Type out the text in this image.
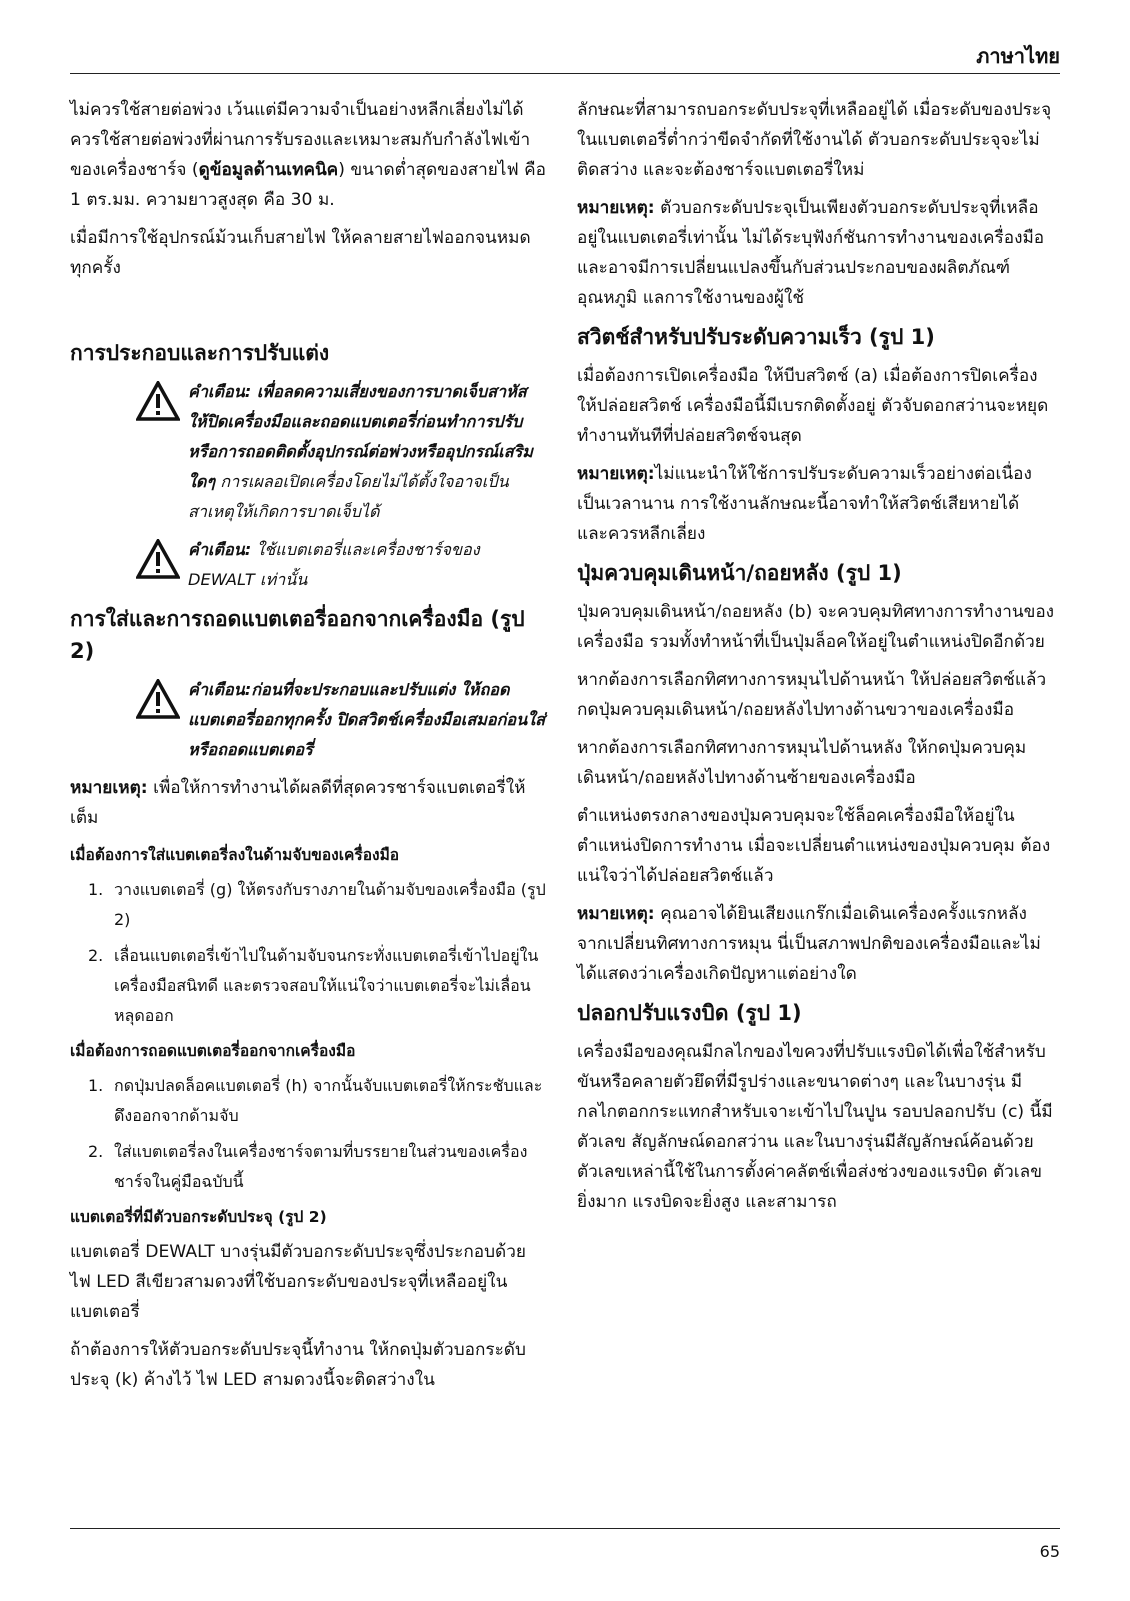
ภาษาไทย

ไม่ควรใช้สายต่อพ่วง เว้นแต่มีความจำเป็นอย่างหลีกเลี่ยงไม่ได้ ควรใช้สายต่อพ่วงที่ผ่านการรับรองและเหมาะสมกับกำลังไฟเข้าของเครื่องชาร์จ (ดูข้อมูลด้านเทคนิค) ขนาดต่ำสุดของสายไฟ คือ 1 ตร.มม. ความยาวสูงสุด คือ 30 ม.

เมื่อมีการใช้อุปกรณ์ม้วนเก็บสายไฟ ให้คลายสายไฟออกจนหมดทุกครั้ง

การประกอบและการปรับแต่ง
คำเตือน: เพื่อลดความเสี่ยงของการบาดเจ็บสาหัส ให้ปิดเครื่องมือและถอดแบตเตอรี่ก่อนทำการปรับหรือการถอดติดตั้งอุปกรณ์ต่อพ่วงหรืออุปกรณ์เสริมใดๆ การเผลอเปิดเครื่องโดยไม่ได้ตั้งใจอาจเป็นสาเหตุให้เกิดการบาดเจ็บได้
คำเตือน: ใช้แบตเตอรี่และเครื่องชาร์จของ DEWALT เท่านั้น
การใส่และการถอดแบตเตอรี่ออกจากเครื่องมือ (รูป 2)
คำเตือน:ก่อนที่จะประกอบและปรับแต่ง ให้ถอดแบตเตอรี่ออกทุกครั้ง ปิดสวิตช์เครื่องมือเสมอก่อนใส่หรือถอดแบตเตอรี่

หมายเหตุ: เพื่อให้การทำงานได้ผลดีที่สุดควรชาร์จแบตเตอรี่ให้เต็ม

เมื่อต้องการใส่แบตเตอรี่ลงในด้ามจับของเครื่องมือ
1. วางแบตเตอรี่ (g) ให้ตรงกับรางภายในด้ามจับของเครื่องมือ (รูป 2)
2. เลื่อนแบตเตอรี่เข้าไปในด้ามจับจนกระทั่งแบตเตอรี่เข้าไปอยู่ในเครื่องมือสนิทดี และตรวจสอบให้แน่ใจว่าแบตเตอรี่จะไม่เลื่อนหลุดออก
เมื่อต้องการถอดแบตเตอรี่ออกจากเครื่องมือ
1. กดปุ่มปลดล็อคแบตเตอรี่ (h) จากนั้นจับแบตเตอรี่ให้กระชับและดึงออกจากด้ามจับ
2. ใส่แบตเตอรี่ลงในเครื่องชาร์จตามที่บรรยายในส่วนของเครื่องชาร์จในคู่มือฉบับนี้
แบตเตอรี่ที่มีตัวบอกระดับประจุ (รูป 2)

แบตเตอรี่ DEWALT บางรุ่นมีตัวบอกระดับประจุซึ่งประกอบด้วยไฟ LED สีเขียวสามดวงที่ใช้บอกระดับของประจุที่เหลืออยู่ในแบตเตอรี่

ถ้าต้องการให้ตัวบอกระดับประจุนี้ทำงาน ให้กดปุ่มตัวบอกระดับประจุ (k) ค้างไว้ ไฟ LED สามดวงนี้จะติดสว่างใน

ลักษณะที่สามารถบอกระดับประจุที่เหลืออยู่ได้ เมื่อระดับของประจุในแบตเตอรี่ต่ำกว่าขีดจำกัดที่ใช้งานได้ ตัวบอกระดับประจุจะไม่ติดสว่าง และจะต้องชาร์จแบตเตอรี่ใหม่

หมายเหตุ: ตัวบอกระดับประจุเป็นเพียงตัวบอกระดับประจุที่เหลืออยู่ในแบตเตอรี่เท่านั้น ไม่ได้ระบุฟังก์ชันการทำงานของเครื่องมือ และอาจมีการเปลี่ยนแปลงขึ้นกับส่วนประกอบของผลิตภัณฑ์ อุณหภูมิ แลการใช้งานของผู้ใช้

สวิตช์สำหรับปรับระดับความเร็ว (รูป 1)

เมื่อต้องการเปิดเครื่องมือ ให้บีบสวิตช์ (a) เมื่อต้องการปิดเครื่องให้ปล่อยสวิตช์ เครื่องมือนี้มีเบรกติดตั้งอยู่ ตัวจับดอกสว่านจะหยุดทำงานทันทีที่ปล่อยสวิตช์จนสุด

หมายเหตุ:ไม่แนะนำให้ใช้การปรับระดับความเร็วอย่างต่อเนื่องเป็นเวลานาน การใช้งานลักษณะนี้อาจทำให้สวิตช์เสียหายได้ และควรหลีกเลี่ยง

ปุ่มควบคุมเดินหน้า/ถอยหลัง (รูป 1)

ปุ่มควบคุมเดินหน้า/ถอยหลัง (b) จะควบคุมทิศทางการทำงานของเครื่องมือ รวมทั้งทำหน้าที่เป็นปุ่มล็อคให้อยู่ในตำแหน่งปิดอีกด้วย

หากต้องการเลือกทิศทางการหมุนไปด้านหน้า ให้ปล่อยสวิตช์แล้วกดปุ่มควบคุมเดินหน้า/ถอยหลังไปทางด้านขวาของเครื่องมือ

หากต้องการเลือกทิศทางการหมุนไปด้านหลัง ให้กดปุ่มควบคุมเดินหน้า/ถอยหลังไปทางด้านซ้ายของเครื่องมือ

ตำแหน่งตรงกลางของปุ่มควบคุมจะใช้ล็อคเครื่องมือให้อยู่ในตำแหน่งปิดการทำงาน เมื่อจะเปลี่ยนตำแหน่งของปุ่มควบคุม ต้องแน่ใจว่าได้ปล่อยสวิตช์แล้ว

หมายเหตุ: คุณอาจได้ยินเสียงแกร๊กเมื่อเดินเครื่องครั้งแรกหลังจากเปลี่ยนทิศทางการหมุน นี่เป็นสภาพปกติของเครื่องมือและไม่ได้แสดงว่าเครื่องเกิดปัญหาแต่อย่างใด

ปลอกปรับแรงบิด (รูป 1)

เครื่องมือของคุณมีกลไกของไขควงที่ปรับแรงบิดได้เพื่อใช้สำหรับขันหรือคลายตัวยึดที่มีรูปร่างและขนาดต่างๆ และในบางรุ่น มีกลไกตอกกระแทกสำหรับเจาะเข้าไปในปูน รอบปลอกปรับ (c) นี้มีตัวเลข สัญลักษณ์ดอกสว่าน และในบางรุ่นมีสัญลักษณ์ค้อนด้วย ตัวเลขเหล่านี้ใช้ในการตั้งค่าคลัตช์เพื่อส่งช่วงของแรงบิด ตัวเลขยิ่งมาก แรงบิดจะยิ่งสูง และสามารถ

65
